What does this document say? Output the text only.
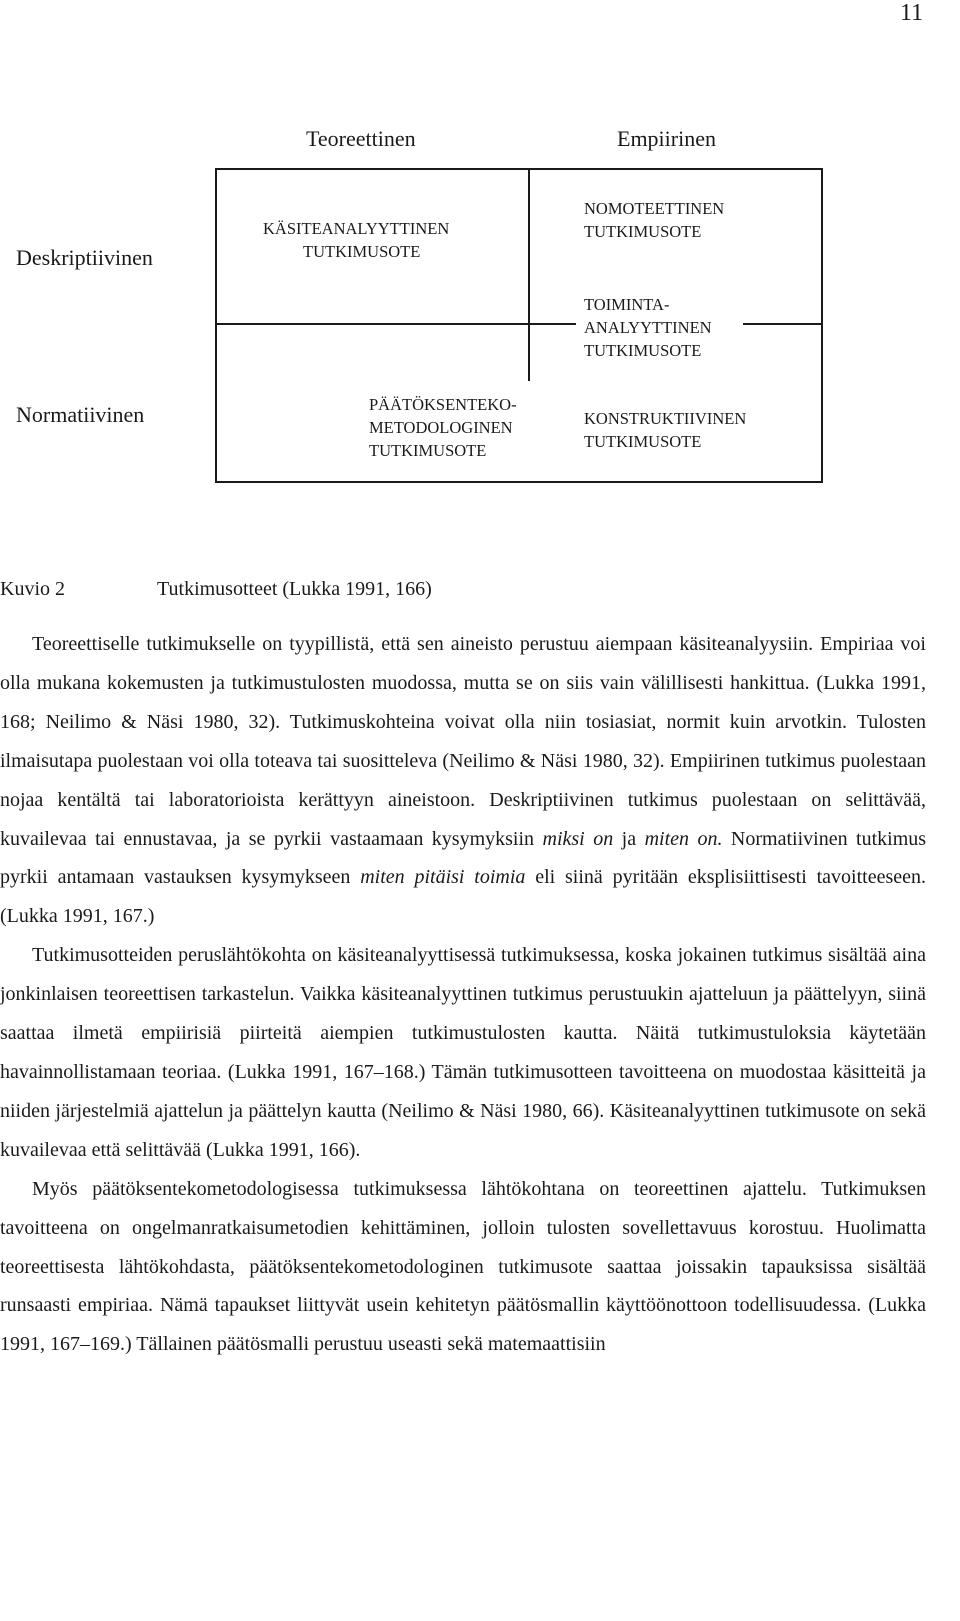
11
Teoreettinen	Empiirinen
Deskriptiivinen
Normatiivinen
KÄSITEANALYYTTINEN
TUTKIMUSOTE
NOMOTEETTINEN
TUTKIMUSOTE
TOIMINTA-
ANALYYTTINEN
TUTKIMUSOTE
PÄÄTÖKSENTEKO-
METODOLOGINEN
TUTKIMUSOTE
KONSTRUKTIIVINEN
TUTKIMUSOTE
Kuvio 2	Tutkimusotteet (Lukka 1991, 166)

Teoreettiselle tutkimukselle on tyypillistä, että sen aineisto perustuu aiempaan käsiteanalyysiin. Empiriaa voi olla mukana kokemusten ja tutkimustulosten muodossa, mutta se on siis vain välillisesti hankittua. (Lukka 1991, 168; Neilimo & Näsi 1980, 32). Tutkimuskohteina voivat olla niin tosiasiat, normit kuin arvotkin. Tulosten ilmaisutapa puolestaan voi olla toteava tai suositteleva (Neilimo & Näsi 1980, 32). Empiirinen tutkimus puolestaan nojaa kentältä tai laboratorioista kerättyyn aineistoon. Deskriptiivinen tutkimus puolestaan on selittävää, kuvailevaa tai ennustavaa, ja se pyrkii vastaamaan kysymyksiin miksi on ja miten on. Normatiivinen tutkimus pyrkii antamaan vastauksen kysymykseen miten pitäisi toimia eli siinä pyritään eksplisiittisesti tavoitteeseen. (Lukka 1991, 167.)

Tutkimusotteiden peruslähtökohta on käsiteanalyyttisessä tutkimuksessa, koska jokainen tutkimus sisältää aina jonkinlaisen teoreettisen tarkastelun. Vaikka käsiteanalyyttinen tutkimus perustuukin ajatteluun ja päättelyyn, siinä saattaa ilmetä empiirisiä piirteitä aiempien tutkimustulosten kautta. Näitä tutkimustuloksia käytetään havainnollistamaan teoriaa. (Lukka 1991, 167–168.) Tämän tutkimusotteen tavoitteena on muodostaa käsitteitä ja niiden järjestelmiä ajattelun ja päättelyn kautta (Neilimo & Näsi 1980, 66). Käsiteanalyyttinen tutkimusote on sekä kuvailevaa että selittävää (Lukka 1991, 166).

Myös päätöksentekometodologisessa tutkimuksessa lähtökohtana on teoreettinen ajattelu. Tutkimuksen tavoitteena on ongelmanratkaisumetodien kehittäminen, jolloin tulosten sovellettavuus korostuu. Huolimatta teoreettisesta lähtökohdasta, päätöksentekometodologinen tutkimusote saattaa joissakin tapauksissa sisältää runsaasti empiriaa. Nämä tapaukset liittyvät usein kehitetyn päätösmallin käyttöönottoon todellisuudessa. (Lukka 1991, 167–169.) Tällainen päätösmalli perustuu useasti sekä matemaattisiin
